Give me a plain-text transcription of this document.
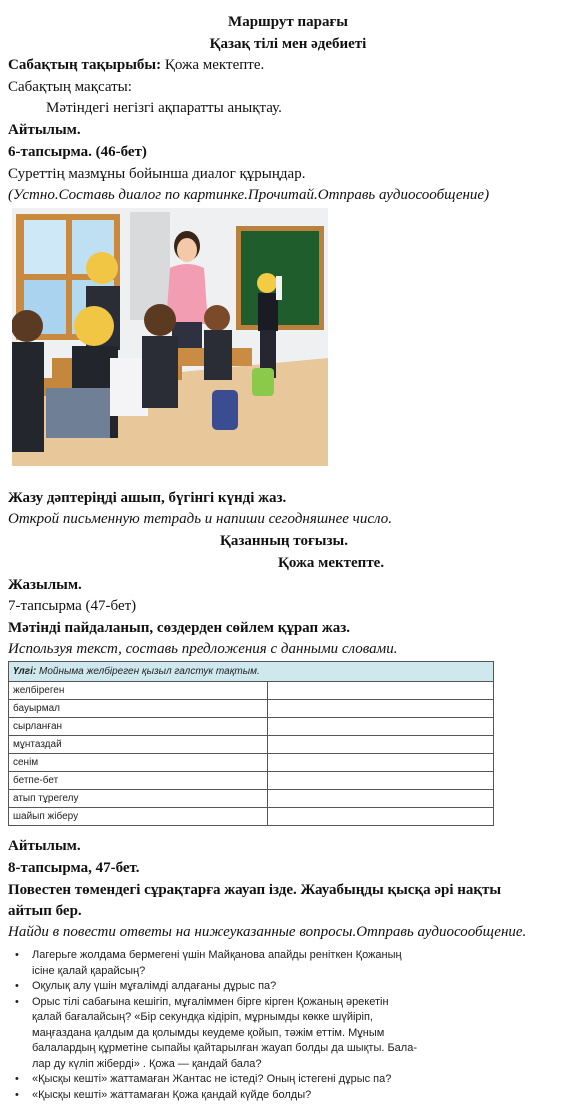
Маршрут парағы
Қазақ тілі мен әдебиеті
Сабақтың тақырыбы: Қожа мектепте.
Сабақтың мақсаты:
Мәтіндегі негізгі ақпаратты анықтау.
Айтылым.
6-тапсырма. (46-бет)
Суреттің мазмұны бойынша диалог құрыңдар.
(Устно.Составь диалог по картинке.Прочитай.Отправь аудиосообщение)
Жазу дәптеріңді ашып, бүгінгі күнді жаз.
Открой письменную тетрадь и напиши сегодняшнее число.
Қазанның тоғызы.
Қожа мектепте.
Жазылым.
7-тапсырма (47-бет)
Мәтінді пайдаланып, сөздерден сөйлем құрап жаз.
Используя текст, составь предложения с данными словами.
Үлгі: Мойныма желбіреген қызыл галстук тақтым.	
желбіреген	
бауырмал	
сырланған	
мұнтаздай	
сенім	
бетпе-бет	
атып тұрегелу	
шайып жіберу	
Айтылым.
8-тапсырма, 47-бет.
Повестен төмендегі сұрақтарға жауап ізде. Жауабыңды қысқа әрі нақты
айтып бер.
Найди в повести ответы на нижеуказанные вопросы.Отправь аудиосообщение.
• Лагерьге жолдама бермегені үшін Майқанова апайды реніткен Қожаның
ісіне қалай қарайсың?
• Оқулық алу үшін мұғалімді алдағаны дұрыс па?
• Орыс тілі сабағына кешігіп, мұғаліммен бірге кірген Қожаның әрекетін
қалай бағалайсың? «Бір секундқа кідіріп, мұрнымды көкке шүйіріп,
маңғаздана қалдым да қолымды кеудеме қойып, тәжім еттім. Мұным
балалардың құрметіне сыпайы қайтарылған жауап болды да шықты. Бала-
лар ду күліп жіберді» . Қожа — қандай бала?
• «Қысқы кешті» жаттамаған Жантас не істеді? Оның істегені дұрыс па?
• «Қысқы кешті» жаттамаған Қожа қандай күйде болды?
